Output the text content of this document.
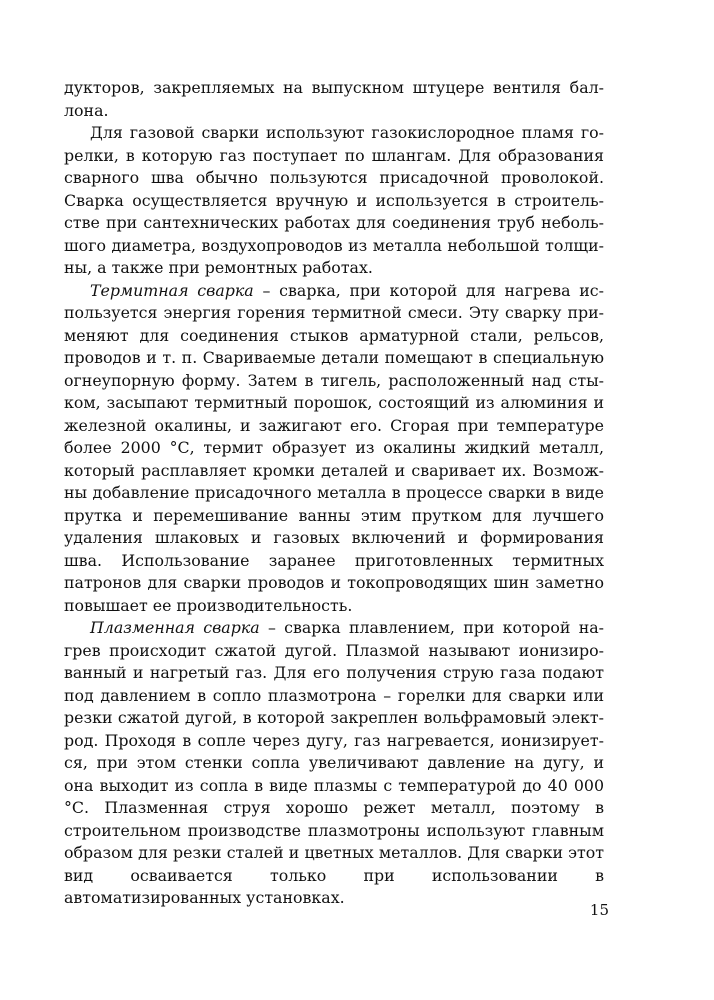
дукторов, закрепляемых на выпускном штуцере вентиля баллона.

Для газовой сварки используют газокислородное пламя горелки, в которую газ поступает по шлангам. Для образования сварного шва обычно пользуются присадочной проволокой. Сварка осуществляется вручную и используется в строительстве при сантехнических работах для соединения труб небольшого диаметра, воздухопроводов из металла небольшой толщины, а также при ремонтных работах.

Термитная сварка – сварка, при которой для нагрева используется энергия горения термитной смеси. Эту сварку применяют для соединения стыков арматурной стали, рельсов, проводов и т. п. Свариваемые детали помещают в специальную огнеупорную форму. Затем в тигель, расположенный над стыком, засыпают термитный порошок, состоящий из алюминия и железной окалины, и зажигают его. Сгорая при температуре более 2000 °С, термит образует из окалины жидкий металл, который расплавляет кромки деталей и сваривает их. Возможны добавление присадочного металла в процессе сварки в виде прутка и перемешивание ванны этим прутком для лучшего удаления шлаковых и газовых включений и формирования шва. Использование заранее приготовленных термитных патронов для сварки проводов и токопроводящих шин заметно повышает ее производительность.

Плазменная сварка – сварка плавлением, при которой нагрев происходит сжатой дугой. Плазмой называют ионизированный и нагретый газ. Для его получения струю газа подают под давлением в сопло плазмотрона – горелки для сварки или резки сжатой дугой, в которой закреплен вольфрамовый электрод. Проходя в сопле через дугу, газ нагревается, ионизируется, при этом стенки сопла увеличивают давление на дугу, и она выходит из сопла в виде плазмы с температурой до 40 000 °С. Плазменная струя хорошо режет металл, поэтому в строительном производстве плазмотроны используют главным образом для резки сталей и цветных металлов. Для сварки этот вид осваивается только при использовании в автоматизированных установках.

15
